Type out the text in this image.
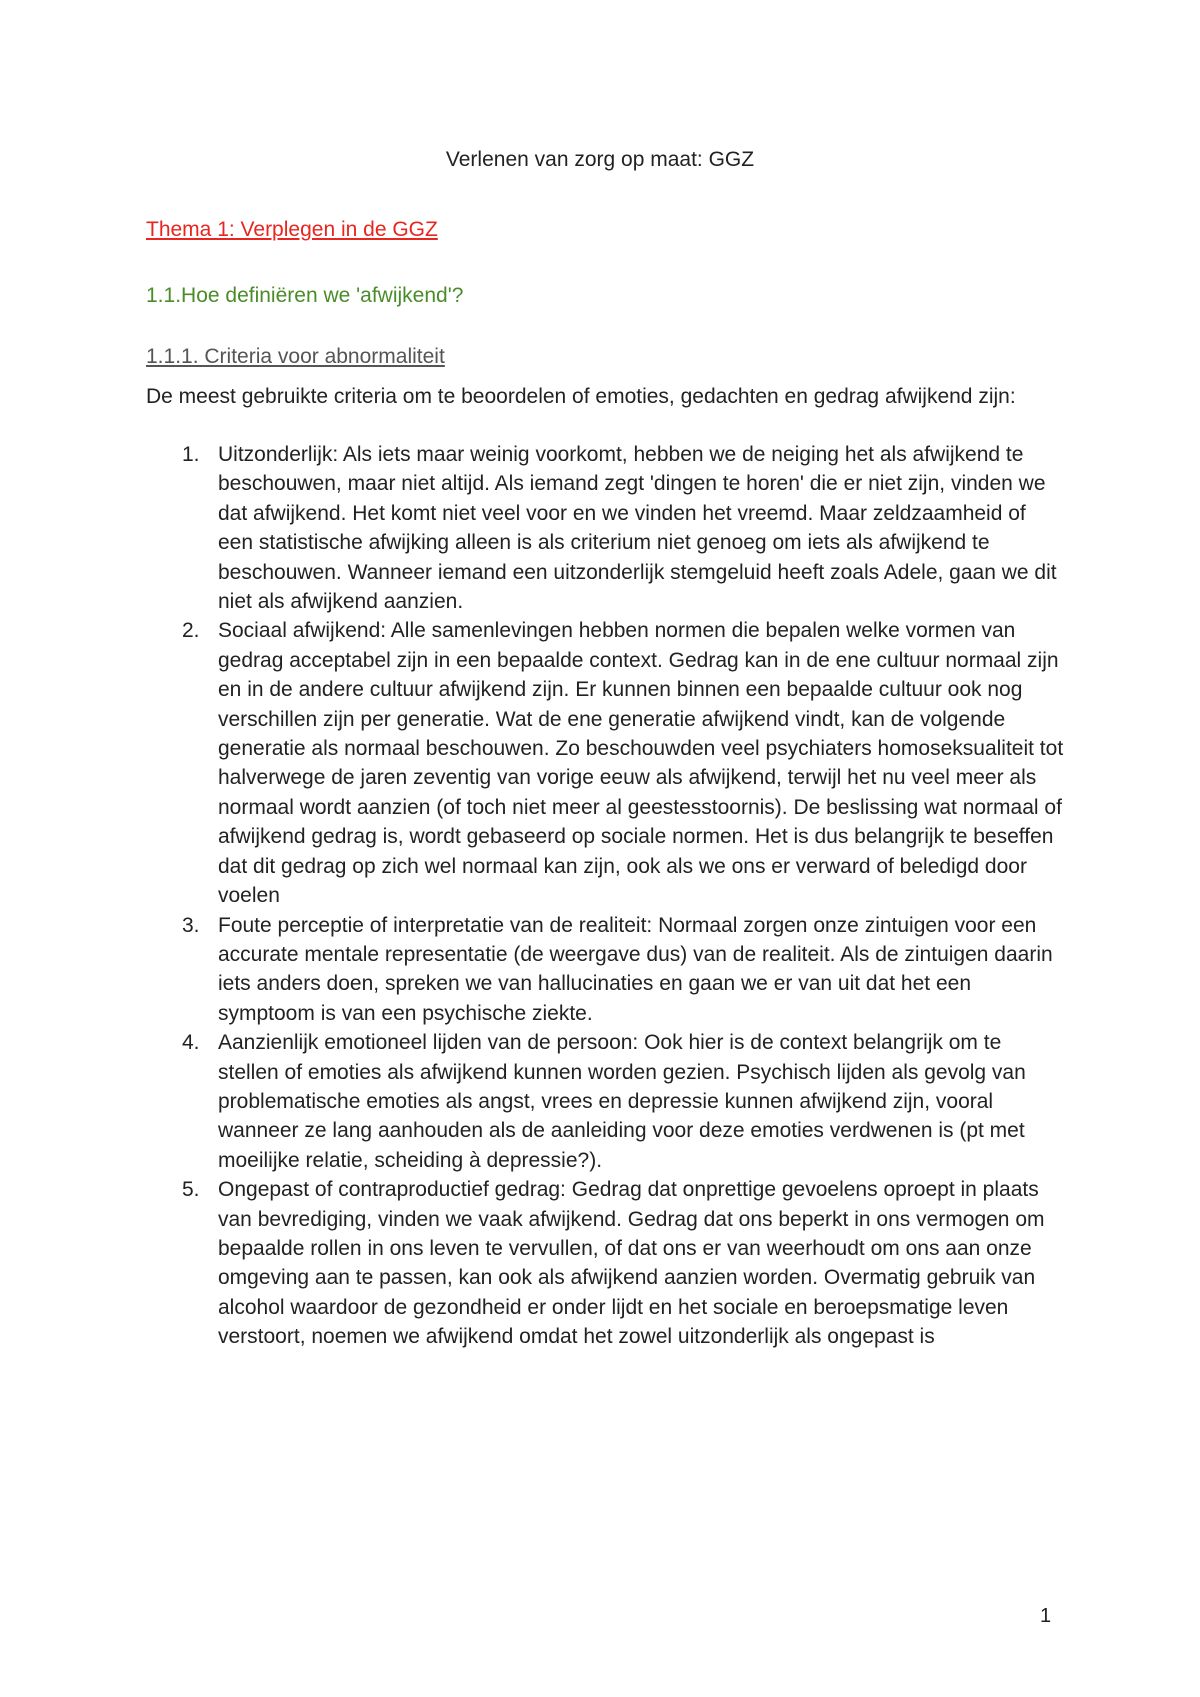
Verlenen van zorg op maat: GGZ
Thema 1: Verplegen in de GGZ
1.1.Hoe definiëren we 'afwijkend'?
1.1.1. Criteria voor abnormaliteit

De meest gebruikte criteria om te beoordelen of emoties, gedachten en gedrag afwijkend zijn:

1. Uitzonderlijk: Als iets maar weinig voorkomt, hebben we de neiging het als afwijkend te beschouwen, maar niet altijd. Als iemand zegt 'dingen te horen' die er niet zijn, vinden we dat afwijkend. Het komt niet veel voor en we vinden het vreemd. Maar zeldzaamheid of een statistische afwijking alleen is als criterium niet genoeg om iets als afwijkend te beschouwen. Wanneer iemand een uitzonderlijk stemgeluid heeft zoals Adele, gaan we dit niet als afwijkend aanzien.
2. Sociaal afwijkend: Alle samenlevingen hebben normen die bepalen welke vormen van gedrag acceptabel zijn in een bepaalde context. Gedrag kan in de ene cultuur normaal zijn en in de andere cultuur afwijkend zijn. Er kunnen binnen een bepaalde cultuur ook nog verschillen zijn per generatie. Wat de ene generatie afwijkend vindt, kan de volgende generatie als normaal beschouwen. Zo beschouwden veel psychiaters homoseksualiteit tot halverwege de jaren zeventig van vorige eeuw als afwijkend, terwijl het nu veel meer als normaal wordt aanzien (of toch niet meer al geestesstoornis). De beslissing wat normaal of afwijkend gedrag is, wordt gebaseerd op sociale normen. Het is dus belangrijk te beseffen dat dit gedrag op zich wel normaal kan zijn, ook als we ons er verward of beledigd door voelen
3. Foute perceptie of interpretatie van de realiteit: Normaal zorgen onze zintuigen voor een accurate mentale representatie (de weergave dus) van de realiteit. Als de zintuigen daarin iets anders doen, spreken we van hallucinaties en gaan we er van uit dat het een symptoom is van een psychische ziekte.
4. Aanzienlijk emotioneel lijden van de persoon: Ook hier is de context belangrijk om te stellen of emoties als afwijkend kunnen worden gezien. Psychisch lijden als gevolg van problematische emoties als angst, vrees en depressie kunnen afwijkend zijn, vooral wanneer ze lang aanhouden als de aanleiding voor deze emoties verdwenen is (pt met moeilijke relatie, scheiding à depressie?).
5. Ongepast of contraproductief gedrag: Gedrag dat onprettige gevoelens oproept in plaats van bevrediging, vinden we vaak afwijkend. Gedrag dat ons beperkt in ons vermogen om bepaalde rollen in ons leven te vervullen, of dat ons er van weerhoudt om ons aan onze omgeving aan te passen, kan ook als afwijkend aanzien worden. Overmatig gebruik van alcohol waardoor de gezondheid er onder lijdt en het sociale en beroepsmatige leven verstoort, noemen we afwijkend omdat het zowel uitzonderlijk als ongepast is
1
